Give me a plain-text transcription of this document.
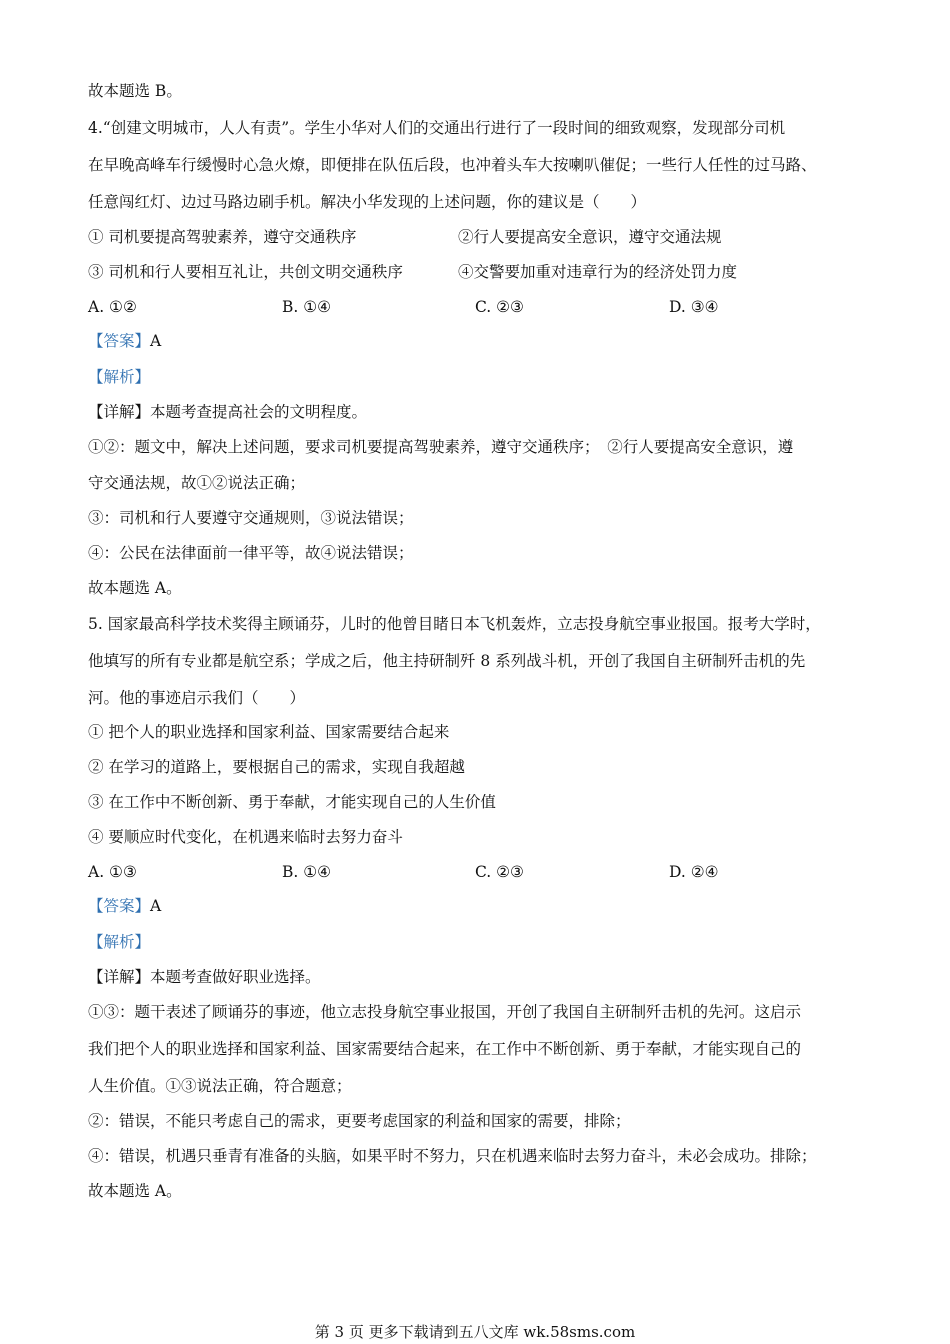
故本题选 B。
4.“创建文明城市，人人有责”。学生小华对人们的交通出行进行了一段时间的细致观察，发现部分司机
在早晚高峰车行缓慢时心急火燎，即便排在队伍后段，也冲着头车大按喇叭催促；一些行人任性的过马路、
任意闯红灯、边过马路边刷手机。解决小华发现的上述问题，你的建议是（　　）
① 司机要提高驾驶素养，遵守交通秩序	②行人要提高安全意识，遵守交通法规
③ 司机和行人要相互礼让，共创文明交通秩序	④交警要加重对违章行为的经济处罚力度
A. ①②	B. ①④	C. ②③	D. ③④
【答案】A
【解析】
【详解】本题考查提高社会的文明程度。
①②：题文中，解决上述问题，要求司机要提高驾驶素养，遵守交通秩序；　②行人要提高安全意识，遵
守交通法规，故①②说法正确；
③：司机和行人要遵守交通规则，③说法错误；
④：公民在法律面前一律平等，故④说法错误；
故本题选 A。
5. 国家最高科学技术奖得主顾诵芬，儿时的他曾目睹日本飞机轰炸，立志投身航空事业报国。报考大学时，
他填写的所有专业都是航空系；学成之后，他主持研制歼 8 系列战斗机，开创了我国自主研制歼击机的先
河。他的事迹启示我们（　　）
① 把个人的职业选择和国家利益、国家需要结合起来
② 在学习的道路上，要根据自己的需求，实现自我超越
③ 在工作中不断创新、勇于奉献，才能实现自己的人生价值
④ 要顺应时代变化，在机遇来临时去努力奋斗
A. ①③	B. ①④	C. ②③	D. ②④
【答案】A
【解析】
【详解】本题考查做好职业选择。
①③：题干表述了顾诵芬的事迹，他立志投身航空事业报国，开创了我国自主研制歼击机的先河。这启示
我们把个人的职业选择和国家利益、国家需要结合起来，在工作中不断创新、勇于奉献，才能实现自己的
人生价值。①③说法正确，符合题意；
②：错误，不能只考虑自己的需求，更要考虑国家的利益和国家的需要，排除；
④：错误，机遇只垂青有准备的头脑，如果平时不努力，只在机遇来临时去努力奋斗，未必会成功。排除；
故本题选 A。
第 3 页 更多下载请到五八文库 wk.58sms.com
